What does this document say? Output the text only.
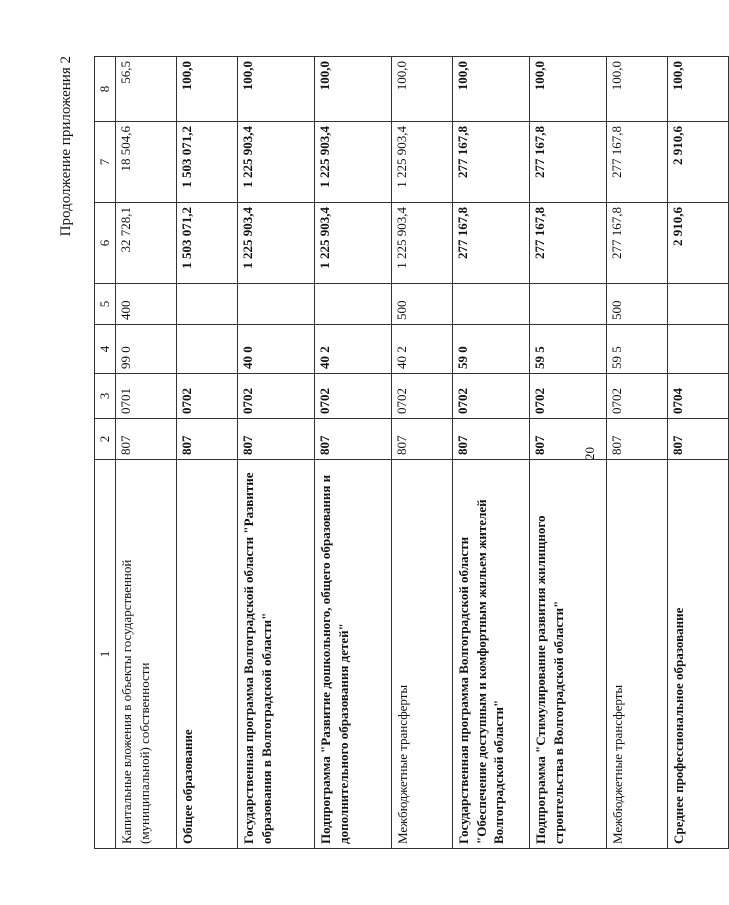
20
Продолжение приложения 2
1	2	3	4	5	6	7	8
Капитальные вложения в объекты государственной (муниципальной) собственности	807	0701	99 0	400	32 728,1	18 504,6	56,5
Общее образование	807	0702			1 503 071,2	1 503 071,2	100,0
Государственная программа Волгоградской области "Развитие образования в Волгоградской области"	807	0702	40 0		1 225 903,4	1 225 903,4	100,0
Подпрограмма "Развитие дошкольного, общего образования и дополнительного образования детей"	807	0702	40 2		1 225 903,4	1 225 903,4	100,0
Межбюджетные трансферты	807	0702	40 2	500	1 225 903,4	1 225 903,4	100,0
Государственная программа Волгоградской области "Обеспечение доступным и комфортным жильем жителей Волгоградской области"	807	0702	59 0		277 167,8	277 167,8	100,0
Подпрограмма "Стимулирование развития жилищного строительства в Волгоградской области"	807	0702	59 5		277 167,8	277 167,8	100,0
Межбюджетные трансферты	807	0702	59 5	500	277 167,8	277 167,8	100,0
Среднее профессиональное образование	807	0704			2 910,6	2 910,6	100,0
